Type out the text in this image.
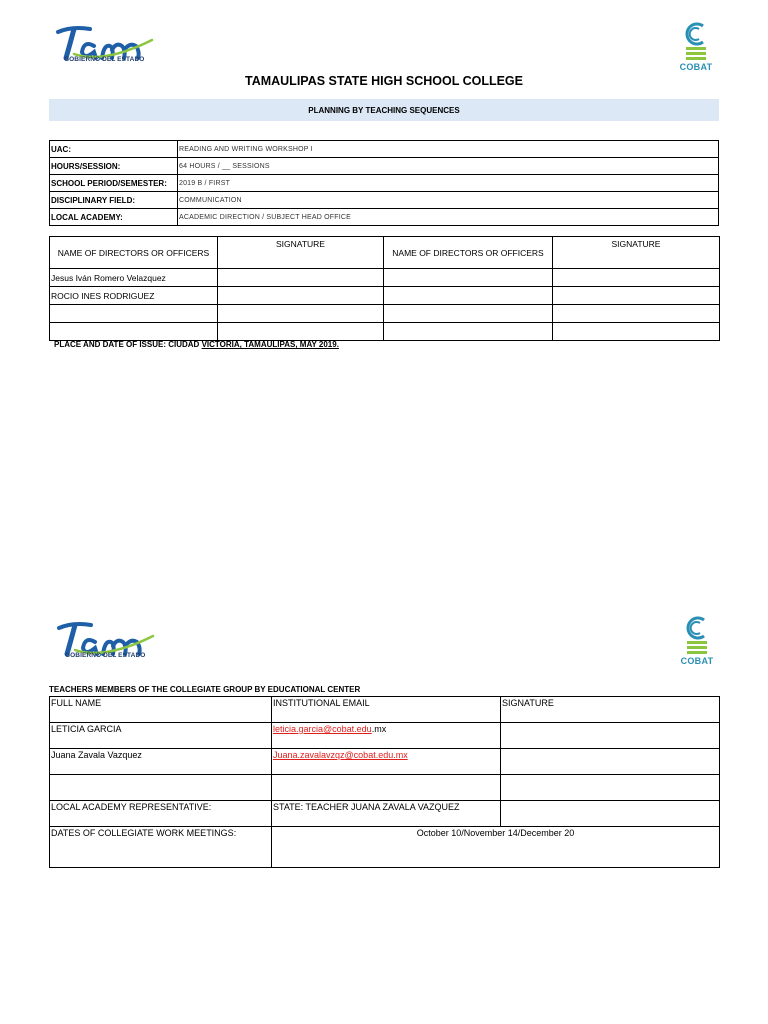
GOBIERNO DEL ESTADO
COBAT
TAMAULIPAS STATE HIGH SCHOOL COLLEGE
PLANNING BY TEACHING SEQUENCES
UAC:	READING AND WRITING WORKSHOP I
HOURS/SESSION:	64 HOURS / __ SESSIONS
SCHOOL PERIOD/SEMESTER:	2019 B / FIRST
DISCIPLINARY FIELD:	COMMUNICATION
LOCAL ACADEMY:	ACADEMIC DIRECTION / SUBJECT HEAD OFFICE
NAME OF DIRECTORS OR OFFICERS	SIGNATURE	NAME OF DIRECTORS OR OFFICERS	SIGNATURE
Jesus Iván Romero Velazquez			
ROCIO INES RODRIGUEZ			

PLACE AND DATE OF ISSUE: CIUDAD VICTORIA, TAMAULIPAS, MAY 2019.
GOBIERNO DEL ESTADO
COBAT
TEACHERS MEMBERS OF THE COLLEGIATE GROUP BY EDUCATIONAL CENTER
FULL NAME	INSTITUTIONAL EMAIL	SIGNATURE
LETICIA GARCIA	leticia.garcia@cobat.edu.mx	
Juana Zavala Vazquez	Juana.zavalavzqz@cobat.edu.mx	

LOCAL ACADEMY REPRESENTATIVE:	STATE: TEACHER JUANA ZAVALA VAZQUEZ	
DATES OF COLLEGIATE WORK MEETINGS:	October 10/November 14/December 20	
